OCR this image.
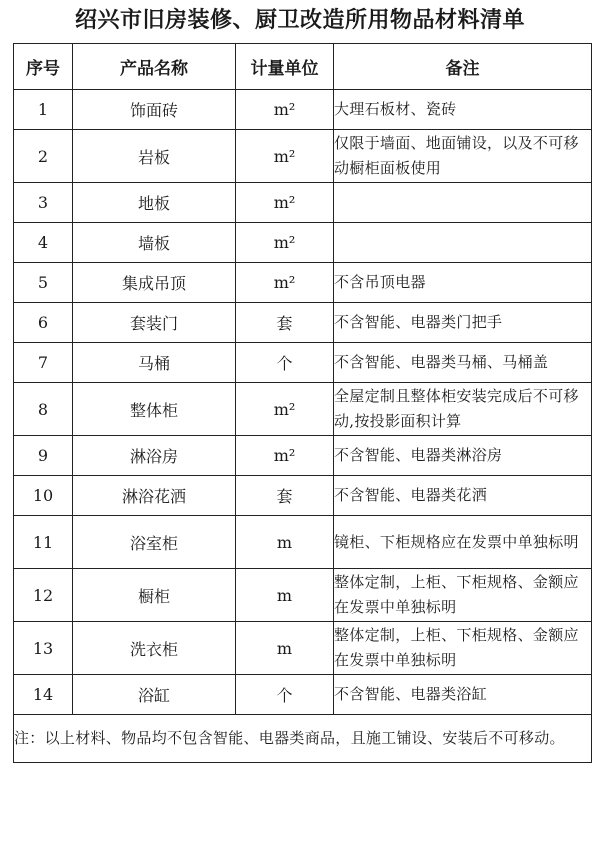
绍兴市旧房装修、厨卫改造所用物品材料清单
序号	产品名称	计量单位	备注
1	饰面砖	m²	大理石板材、瓷砖
2	岩板	m²	仅限于墙面、地面铺设，以及不可移动橱柜面板使用
3	地板	m²	
4	墙板	m²	
5	集成吊顶	m²	不含吊顶电器
6	套装门	套	不含智能、电器类门把手
7	马桶	个	不含智能、电器类马桶、马桶盖
8	整体柜	m²	全屋定制且整体柜安装完成后不可移动,按投影面积计算
9	淋浴房	m²	不含智能、电器类淋浴房
10	淋浴花洒	套	不含智能、电器类花洒
11	浴室柜	m	镜柜、下柜规格应在发票中单独标明
12	橱柜	m	整体定制，上柜、下柜规格、金额应在发票中单独标明
13	洗衣柜	m	整体定制，上柜、下柜规格、金额应在发票中单独标明
14	浴缸	个	不含智能、电器类浴缸
注：以上材料、物品均不包含智能、电器类商品，且施工铺设、安装后不可移动。			
